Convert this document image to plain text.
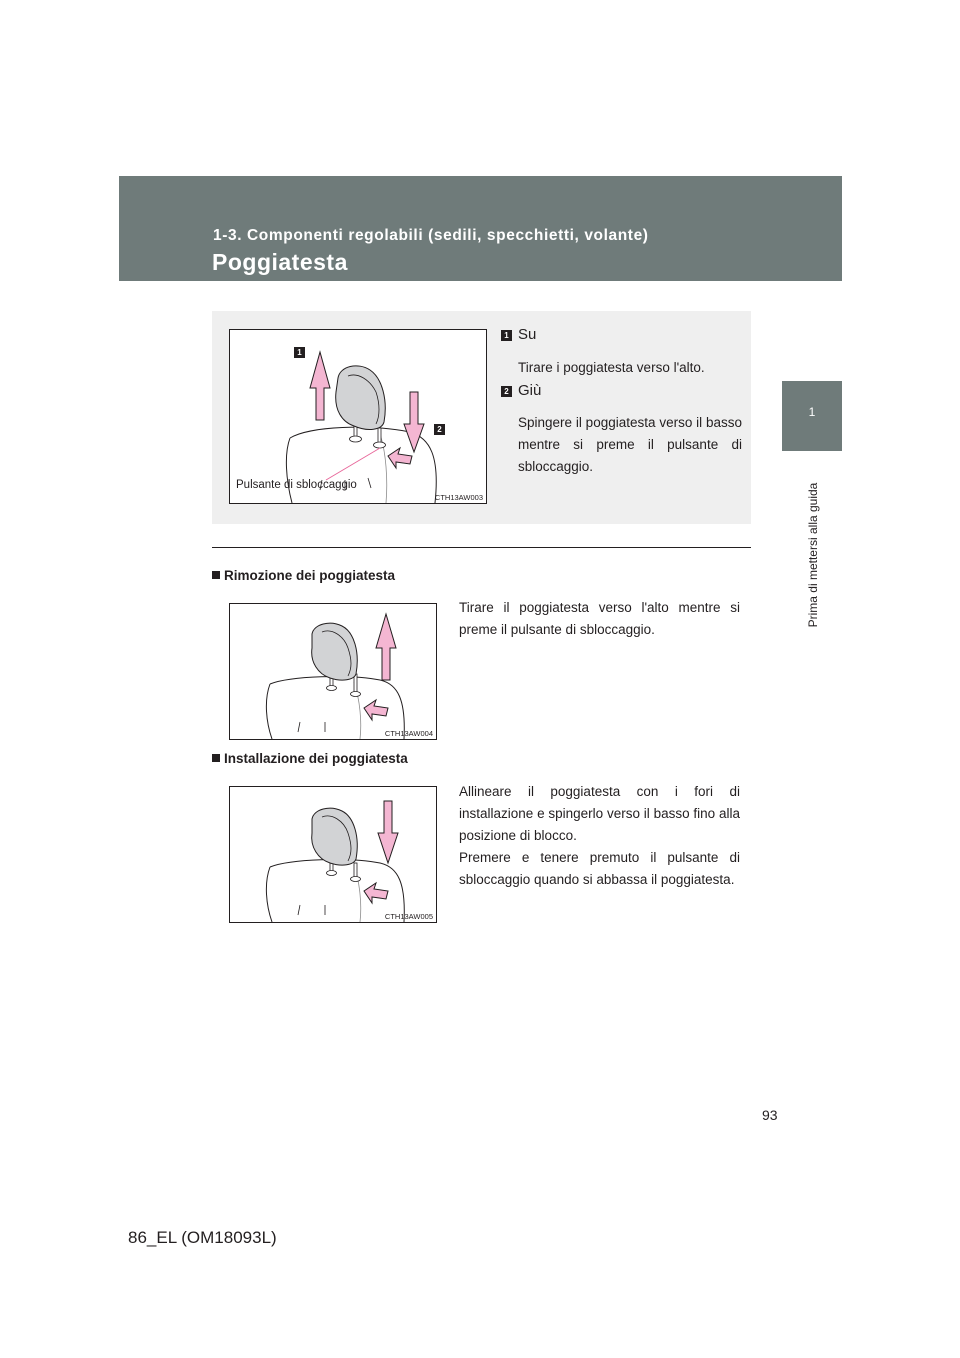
1-3. Componenti regolabili (sedili, specchietti, volante)
Poggiatesta
1
Prima di mettersi alla guida
1
2
Pulsante di sbloccaggio
CTH13AW003
1 Su
Tirare i poggiatesta verso l'alto.
2 Giù
Spingere il poggiatesta verso il basso mentre si preme il pulsante di sbloccaggio.
Rimozione dei poggiatesta
CTH13AW004
Tirare il poggiatesta verso l'alto mentre si preme il pulsante di sbloccaggio.
Installazione dei poggiatesta
CTH13AW005
Allineare il poggiatesta con i fori di installazione e spingerlo verso il basso fino alla posizione di blocco.
Premere e tenere premuto il pulsante di sbloccaggio quando si abbassa il poggiatesta.
93
86_EL (OM18093L)
